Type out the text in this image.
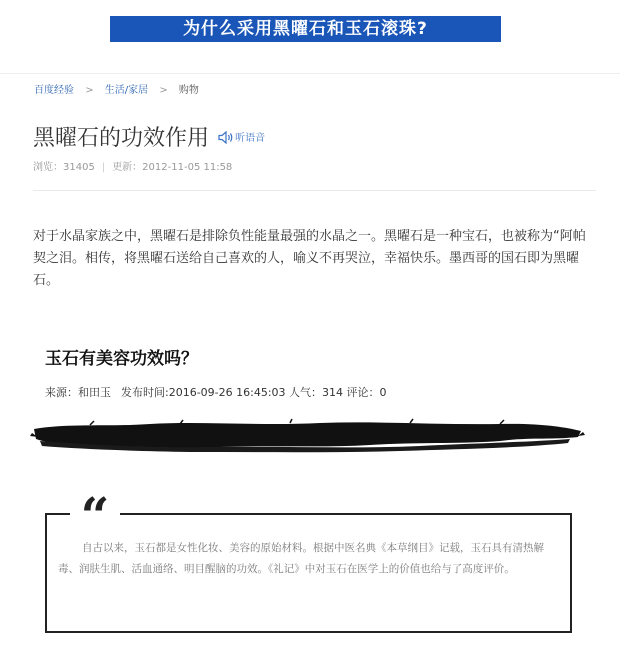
为什么采用黑曜石和玉石滚珠?
百度经验 > 生活/家居 > 购物
黑曜石的功效作用	听语音
浏览：31405 | 更新：2012-11-05 11:58

对于水晶家族之中，黑曜石是排除负性能量最强的水晶之一。黑曜石是一种宝石，也被称为“阿帕契之泪。相传，将黑曜石送给自己喜欢的人，喻义不再哭泣，幸福快乐。墨西哥的国石即为黑曜石。

玉石有美容功效吗？
来源：和田玉 发布时间:2016-09-26 16:45:03 人气：314 评论：0
“

自古以来，玉石都是女性化妆、美容的原始材料。根据中医名典《本草纲目》记载，玉石具有清热解毒、润肤生肌、活血通络、明目醒脑的功效。《礼记》中对玉石在医学上的价值也给与了高度评价。
